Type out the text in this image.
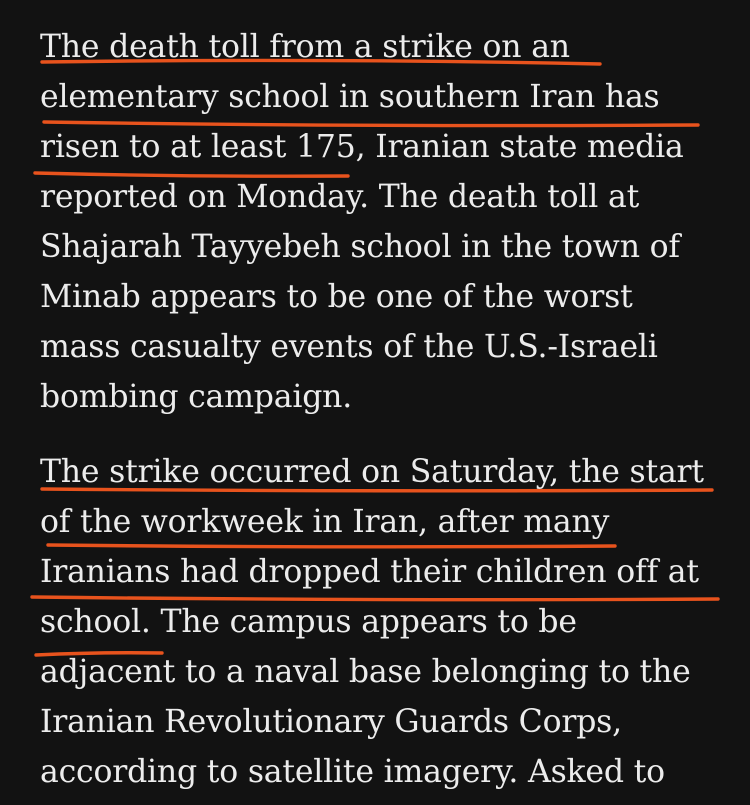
The death toll from a strike on an
elementary school in southern Iran has
risen to at least 175, Iranian state media
reported on Monday. The death toll at
Shajarah Tayyebeh school in the town of
Minab appears to be one of the worst
mass casualty events of the U.S.-Israeli
bombing campaign.
The strike occurred on Saturday, the start
of the workweek in Iran, after many
Iranians had dropped their children off at
school. The campus appears to be
adjacent to a naval base belonging to the
Iranian Revolutionary Guards Corps,
according to satellite imagery. Asked to
